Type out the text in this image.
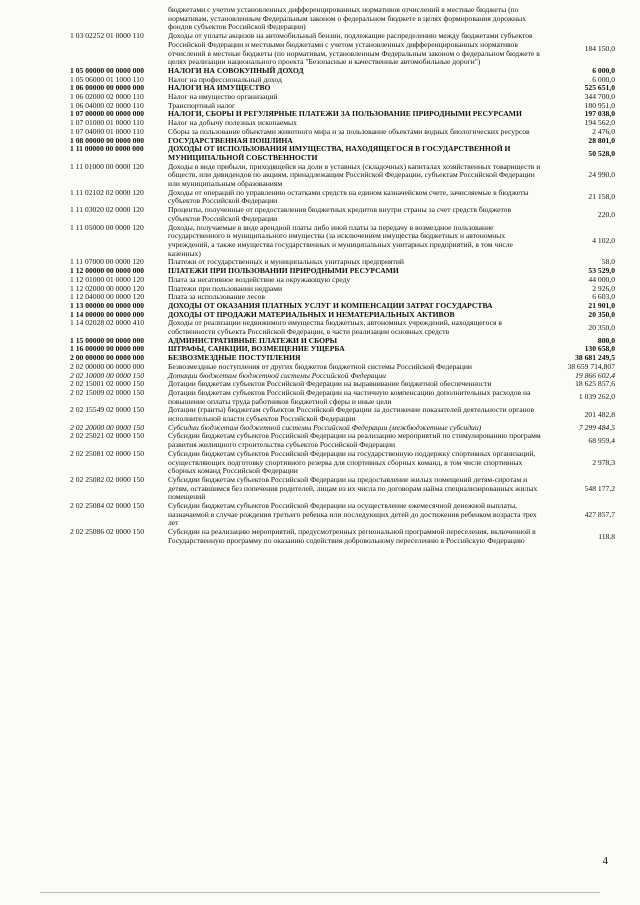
	бюджетами с учетом установленных дифференцированных нормативов отчислений в местные бюджеты (по нормативам, установленным Федеральным законом о федеральном бюджете в целях формирования дорожных фондов субъектов Российской Федерации)	
1 03 02252 01 0000 110	Доходы от уплаты акцизов на автомобильный бензин, подлежащие распределению между бюджетами субъектов Российской Федерации и местными бюджетами с учетом установленных дифференцированных нормативов отчислений в местные бюджеты (по нормативам, установленным Федеральным законом о федеральном бюджете в целях реализации национального проекта "Безопасные и качественные автомобильные дороги")	184 150,0
1 05 00000 00 0000 000	НАЛОГИ НА СОВОКУПНЫЙ ДОХОД	6 000,0
1 05 06000 01 1000 110	Налог на профессиональный доход	6 000,0
1 06 00000 00 0000 000	НАЛОГИ НА ИМУЩЕСТВО	525 651,0
1 06 02000 02 0000 110	Налог на имущество организаций	344 700,0
1 06 04000 02 0000 110	Транспортный налог	180 951,0
1 07 00000 00 0000 000	НАЛОГИ, СБОРЫ И РЕГУЛЯРНЫЕ ПЛАТЕЖИ ЗА ПОЛЬЗОВАНИЕ ПРИРОДНЫМИ РЕСУРСАМИ	197 038,0
1 07 01000 01 0000 110	Налог на добычу полезных ископаемых	194 562,0
1 07 04000 01 0000 110	Сборы за пользование объектами животного мира и за пользование объектами водных биологических ресурсов	2 476,0
1 08 00000 00 0000 000	ГОСУДАРСТВЕННАЯ ПОШЛИНА	28 801,0
1 11 00000 00 0000 000	ДОХОДЫ ОТ ИСПОЛЬЗОВАНИЯ ИМУЩЕСТВА, НАХОДЯЩЕГОСЯ В ГОСУДАРСТВЕННОЙ И МУНИЦИПАЛЬНОЙ СОБСТВЕННОСТИ	50 528,0
1 11 01000 00 0000 120	Доходы в виде прибыли, приходящейся на доли в уставных (складочных) капиталах хозяйственных товариществ и обществ, или дивидендов по акциям, принадлежащим Российской Федерации, субъектам Российской Федерации или муниципальным образованиям	24 990,0
1 11 02102 02 0000 120	Доходы от операций по управлению остатками средств на едином казначейском счете, зачисляемые в бюджеты субъектов Российской Федерации	21 158,0
1 11 03020 02 0000 120	Проценты, полученные от предоставления бюджетных кредитов внутри страны за счет средств бюджетов субъектов Российской Федерации	220,0
1 11 05000 00 0000 120	Доходы, получаемые в виде арендной платы либо иной платы за передачу в возмездное пользование государственного и муниципального имущества (за исключением имущества бюджетных и автономных учреждений, а также имущества государственных и муниципальных унитарных предприятий, в том числе казенных)	4 102,0
1 11 07000 00 0000 120	Платежи от государственных и муниципальных унитарных предприятий	58,0
1 12 00000 00 0000 000	ПЛАТЕЖИ ПРИ ПОЛЬЗОВАНИИ ПРИРОДНЫМИ РЕСУРСАМИ	53 529,0
1 12 01000 01 0000 120	Плата за негативное воздействие на окружающую среду	44 000,0
1 12 02000 00 0000 120	Платежи при пользовании недрами	2 926,0
1 12 04000 00 0000 120	Плата за использование лесов	6 603,0
1 13 00000 00 0000 000	ДОХОДЫ ОТ ОКАЗАНИЯ ПЛАТНЫХ УСЛУГ И КОМПЕНСАЦИИ ЗАТРАТ ГОСУДАРСТВА	21 901,0
1 14 00000 00 0000 000	ДОХОДЫ ОТ ПРОДАЖИ МАТЕРИАЛЬНЫХ И НЕМАТЕРИАЛЬНЫХ АКТИВОВ	20 350,0
1 14 02028 02 0000 410	Доходы от реализации недвижимого имущества бюджетных, автономных учреждений, находящегося в собственности субъекта Российской Федерации, в части реализации основных средств	20 350,0
1 15 00000 00 0000 000	АДМИНИСТРАТИВНЫЕ ПЛАТЕЖИ И СБОРЫ	800,0
1 16 00000 00 0000 000	ШТРАФЫ, САНКЦИИ, ВОЗМЕЩЕНИЕ УЩЕРБА	130 658,0
2 00 00000 00 0000 000	БЕЗВОЗМЕЗДНЫЕ ПОСТУПЛЕНИЯ	38 681 249,5
2 02 00000 00 0000 000	Безвозмездные поступления от других бюджетов бюджетной системы Российской Федерации	38 659 714,807
2 02 10000 00 0000 150	Дотации бюджетам бюджетной системы Российской Федерации	19 866 602,4
2 02 15001 02 0000 150	Дотации бюджетам субъектов Российской Федерации на выравнивание бюджетной обеспеченности	18 625 857,6
2 02 15009 02 0000 150	Дотации бюджетам субъектов Российской Федерации на частичную компенсацию дополнительных расходов на повышение оплаты труда работников бюджетной сферы и иные цели	1 039 262,0
2 02 15549 02 0000 150	Дотации (гранты) бюджетам субъектов Российской Федерации за достижение показателей деятельности органов исполнительной власти субъектов Российской Федерации	201 482,8
2 02 20000 00 0000 150	Субсидии бюджетам бюджетной системы Российской Федерации (межбюджетные субсидии)	7 299 484,5
2 02 25021 02 0000 150	Субсидии бюджетам субъектов Российской Федерации на реализацию мероприятий по стимулированию программ развития жилищного строительства субъектов Российской Федерации	68 959,4
2 02 25081 02 0000 150	Субсидии бюджетам субъектов Российской Федерации на государственную поддержку спортивных организаций, осуществляющих подготовку спортивного резерва для спортивных сборных команд, в том числе спортивных сборных команд Российской Федерации	2 978,3
2 02 25082 02 0000 150	Субсидии бюджетам субъектов Российской Федерации на предоставление жилых помещений детям-сиротам и детям, оставшимся без попечения родителей, лицам из их числа по договорам найма специализированных жилых помещений	548 177,2
2 02 25084 02 0000 150	Субсидии бюджетам субъектов Российской Федерации на осуществление ежемесячной денежной выплаты, назначаемой в случае рождения третьего ребенка или последующих детей до достижения ребенком возраста трех лет	427 857,7
2 02 25086 02 0000 150	Субсидии на реализацию мероприятий, предусмотренных региональной программой переселения, включенной в Государственную программу по оказанию содействия добровольному переселению в Российскую Федерацию	118,8
4
